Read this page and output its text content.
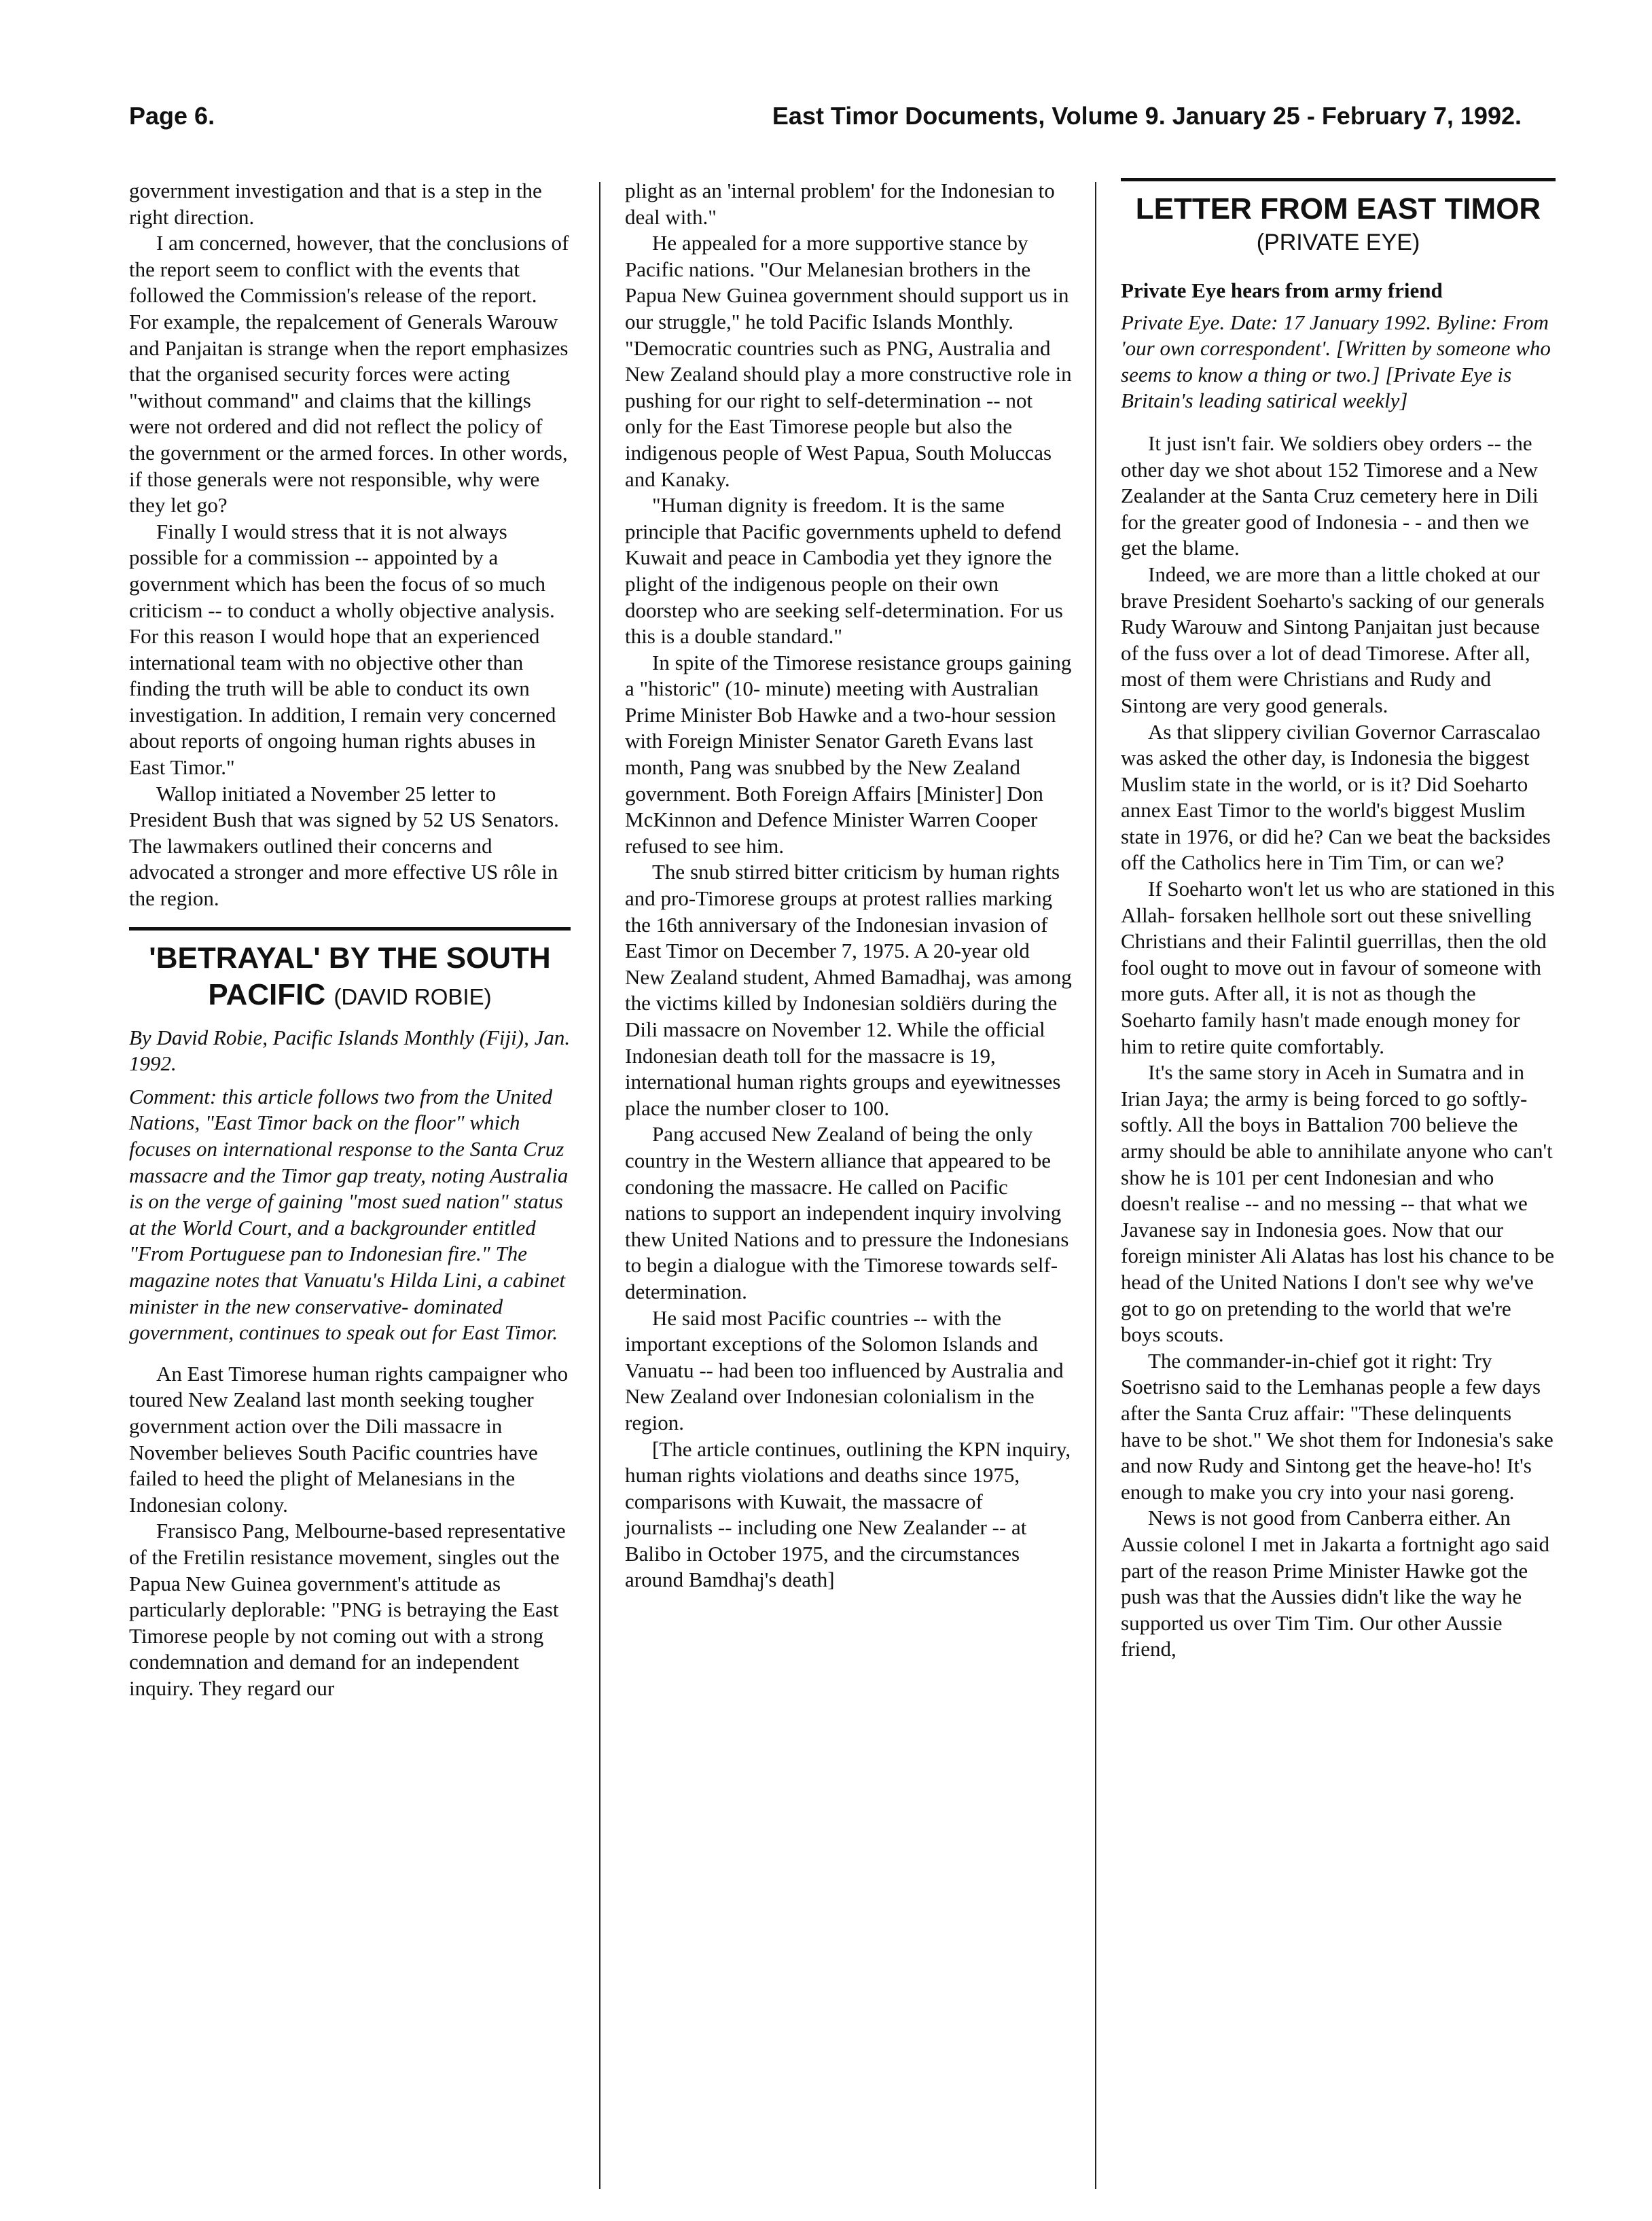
Page 6.	East Timor Documents, Volume 9. January 25 - February 7, 1992.

government investigation and that is a step in the right direction.

I am concerned, however, that the conclusions of the report seem to conflict with the events that followed the Commission's release of the report. For example, the repalcement of Generals Warouw and Panjaitan is strange when the report emphasizes that the organised security forces were acting "without command" and claims that the killings were not ordered and did not reflect the policy of the government or the armed forces. In other words, if those generals were not responsible, why were they let go?

Finally I would stress that it is not always possible for a commission -- appointed by a government which has been the focus of so much criticism -- to conduct a wholly objective analysis. For this reason I would hope that an experienced international team with no objective other than finding the truth will be able to conduct its own investigation. In addition, I remain very concerned about reports of ongoing human rights abuses in East Timor."

Wallop initiated a November 25 letter to President Bush that was signed by 52 US Senators. The lawmakers outlined their concerns and advocated a stronger and more effective US rôle in the region.

'BETRAYAL' BY THE SOUTH PACIFIC (DAVID ROBIE)

By David Robie, Pacific Islands Monthly (Fiji), Jan. 1992.

Comment: this article follows two from the United Nations, "East Timor back on the floor" which focuses on international response to the Santa Cruz massacre and the Timor gap treaty, noting Australia is on the verge of gaining "most sued nation" status at the World Court, and a backgrounder entitled "From Portuguese pan to Indonesian fire." The magazine notes that Vanuatu's Hilda Lini, a cabinet minister in the new conservative- dominated government, continues to speak out for East Timor.

An East Timorese human rights campaigner who toured New Zealand last month seeking tougher government action over the Dili massacre in November believes South Pacific countries have failed to heed the plight of Melanesians in the Indonesian colony.

Fransisco Pang, Melbourne-based representative of the Fretilin resistance movement, singles out the Papua New Guinea government's attitude as particularly deplorable: "PNG is betraying the East Timorese people by not coming out with a strong condemnation and demand for an independent inquiry. They regard our

plight as an 'internal problem' for the Indonesian to deal with."

He appealed for a more supportive stance by Pacific nations. "Our Melanesian brothers in the Papua New Guinea government should support us in our struggle," he told Pacific Islands Monthly. "Democratic countries such as PNG, Australia and New Zealand should play a more constructive role in pushing for our right to self-determination -- not only for the East Timorese people but also the indigenous people of West Papua, South Moluccas and Kanaky.

"Human dignity is freedom. It is the same principle that Pacific governments upheld to defend Kuwait and peace in Cambodia yet they ignore the plight of the indigenous people on their own doorstep who are seeking self-determination. For us this is a double standard."

In spite of the Timorese resistance groups gaining a "historic" (10- minute) meeting with Australian Prime Minister Bob Hawke and a two-hour session with Foreign Minister Senator Gareth Evans last month, Pang was snubbed by the New Zealand government. Both Foreign Affairs [Minister] Don McKinnon and Defence Minister Warren Cooper refused to see him.

The snub stirred bitter criticism by human rights and pro-Timorese groups at protest rallies marking the 16th anniversary of the Indonesian invasion of East Timor on December 7, 1975. A 20-year old New Zealand student, Ahmed Bamadhaj, was among the victims killed by Indonesian soldiërs during the Dili massacre on November 12. While the official Indonesian death toll for the massacre is 19, international human rights groups and eyewitnesses place the number closer to 100.

Pang accused New Zealand of being the only country in the Western alliance that appeared to be condoning the massacre. He called on Pacific nations to support an independent inquiry involving thew United Nations and to pressure the Indonesians to begin a dialogue with the Timorese towards self-determination.

He said most Pacific countries -- with the important exceptions of the Solomon Islands and Vanuatu -- had been too influenced by Australia and New Zealand over Indonesian colonialism in the region.

[The article continues, outlining the KPN inquiry, human rights violations and deaths since 1975, comparisons with Kuwait, the massacre of journalists -- including one New Zealander -- at Balibo in October 1975, and the circumstances around Bamdhaj's death]

LETTER FROM EAST TIMOR
(PRIVATE EYE)

Private Eye hears from army friend

Private Eye. Date: 17 January 1992. Byline: From 'our own correspondent'. [Written by someone who seems to know a thing or two.] [Private Eye is Britain's leading satirical weekly]

It just isn't fair. We soldiers obey orders -- the other day we shot about 152 Timorese and a New Zealander at the Santa Cruz cemetery here in Dili for the greater good of Indonesia - - and then we get the blame.

Indeed, we are more than a little choked at our brave President Soeharto's sacking of our generals Rudy Warouw and Sintong Panjaitan just because of the fuss over a lot of dead Timorese. After all, most of them were Christians and Rudy and Sintong are very good generals.

As that slippery civilian Governor Carrascalao was asked the other day, is Indonesia the biggest Muslim state in the world, or is it? Did Soeharto annex East Timor to the world's biggest Muslim state in 1976, or did he? Can we beat the backsides off the Catholics here in Tim Tim, or can we?

If Soeharto won't let us who are stationed in this Allah- forsaken hellhole sort out these snivelling Christians and their Falintil guerrillas, then the old fool ought to move out in favour of someone with more guts. After all, it is not as though the Soeharto family hasn't made enough money for him to retire quite comfortably.

It's the same story in Aceh in Sumatra and in Irian Jaya; the army is being forced to go softly-softly. All the boys in Battalion 700 believe the army should be able to annihilate anyone who can't show he is 101 per cent Indonesian and who doesn't realise -- and no messing -- that what we Javanese say in Indonesia goes. Now that our foreign minister Ali Alatas has lost his chance to be head of the United Nations I don't see why we've got to go on pretending to the world that we're boys scouts.

The commander-in-chief got it right: Try Soetrisno said to the Lemhanas people a few days after the Santa Cruz affair: "These delinquents have to be shot." We shot them for Indonesia's sake and now Rudy and Sintong get the heave-ho! It's enough to make you cry into your nasi goreng.

News is not good from Canberra either. An Aussie colonel I met in Jakarta a fortnight ago said part of the reason Prime Minister Hawke got the push was that the Aussies didn't like the way he supported us over Tim Tim. Our other Aussie friend,
